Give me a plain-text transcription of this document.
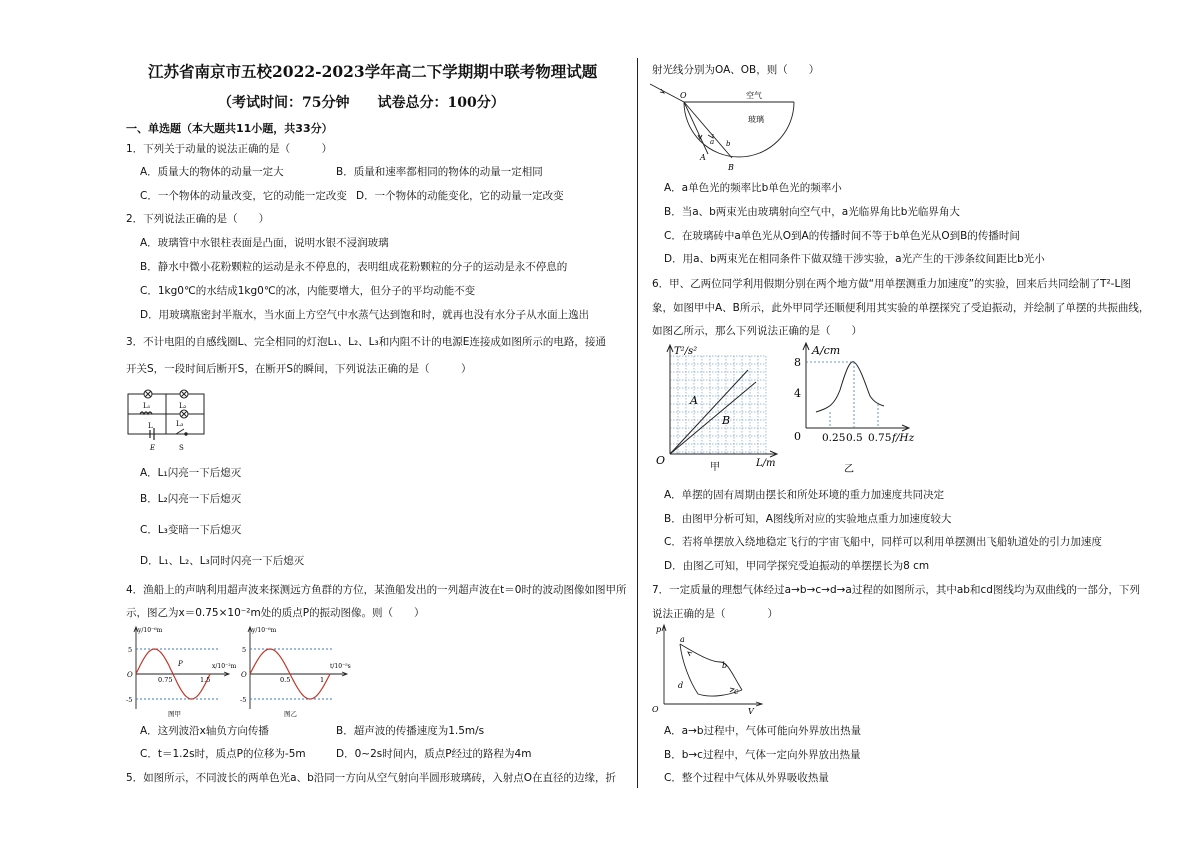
江苏省南京市五校2022-2023学年高二下学期期中联考物理试题
（考试时间：75分钟　　试卷总分：100分）
一、单选题（本大题共11小题，共33分）
1．下列关于动量的说法正确的是（　　　）
A．质量大的物体的动量一定大	B．质量和速率都相同的物体的动量一定相同
C．一个物体的动量改变，它的动能一定改变 D．一个物体的动能变化，它的动量一定改变
2．下列说法正确的是（　　）
A．玻璃管中水银柱表面是凸面，说明水银不浸润玻璃
B．静水中微小花粉颗粒的运动是永不停息的，表明组成花粉颗粒的分子的运动是永不停息的
C．1kg0℃的水结成1kg0℃的冰，内能要增大，但分子的平均动能不变
D．用玻璃瓶密封半瓶水，当水面上方空气中水蒸气达到饱和时，就再也没有水分子从水面上逸出
3．不计电阻的自感线圈L、完全相同的灯泡L₁、L₂、L₃和内阻不计的电源E连接成如图所示的电路，接通
开关S，一段时间后断开S，在断开S的瞬间，下列说法正确的是（　　　）
L₁	L₂
L	L₃
E	S
A．L₁闪亮一下后熄灭
B．L₂闪亮一下后熄灭
C．L₃变暗一下后熄灭
D．L₁、L₂、L₃同时闪亮一下后熄灭
4．渔船上的声呐利用超声波来探测远方鱼群的方位，某渔船发出的一列超声波在t＝0时的波动图像如图甲所
示，图乙为x＝0.75×10⁻²m处的质点P的振动图像。则（　　）
y/10⁻⁶m
x/10⁻²m
5
-5
O
0.75	1.5
P
图甲
y/10⁻⁶m
t/10⁻⁵s
5
-5
O
0.5	1
图乙
A．这列波沿x轴负方向传播	B．超声波的传播速度为1.5m/s
C．t＝1.2s时，质点P的位移为-5m	D．0~2s时间内，质点P经过的路程为4m
5．如图所示，不同波长的两单色光a、b沿同一方向从空气射向半圆形玻璃砖，入射点O在直径的边缘，折
射光线分别为OA、OB，则（　　）
O	空气
玻璃
a b
A
B
A．a单色光的频率比b单色光的频率小
B．当a、b两束光由玻璃射向空气中，a光临界角比b光临界角大
C．在玻璃砖中a单色光从O到A的传播时间不等于b单色光从O到B的传播时间
D．用a、b两束光在相同条件下做双缝干涉实验，a光产生的干涉条纹间距比b光小
6．甲、乙两位同学利用假期分别在两个地方做“用单摆测重力加速度”的实验，回来后共同绘制了T²-L图
象，如图甲中A、B所示，此外甲同学还顺便利用其实验的单摆探究了受迫振动，并绘制了单摆的共振曲线，
如图乙所示，那么下列说法正确的是（　　）
T²/s²
L/m
O
A
B
甲
A/cm
8
4
0 0.25 0.5 0.75 f/Hz
乙
A．单摆的固有周期由摆长和所处环境的重力加速度共同决定
B．由图甲分析可知，A图线所对应的实验地点重力加速度较大
C．若将单摆放入绕地稳定飞行的宇宙飞船中，同样可以利用单摆测出飞船轨道处的引力加速度
D．由图乙可知，甲同学探究受迫振动的单摆摆长为8 cm
7．一定质量的理想气体经过a→b→c→d→a过程的如图所示，其中ab和cd图线均为双曲线的一部分，下列
说法正确的是（　　　　）
p
V
O
a
b
c
d
A．a→b过程中，气体可能向外界放出热量
B．b→c过程中，气体一定向外界放出热量
C．整个过程中气体从外界吸收热量
